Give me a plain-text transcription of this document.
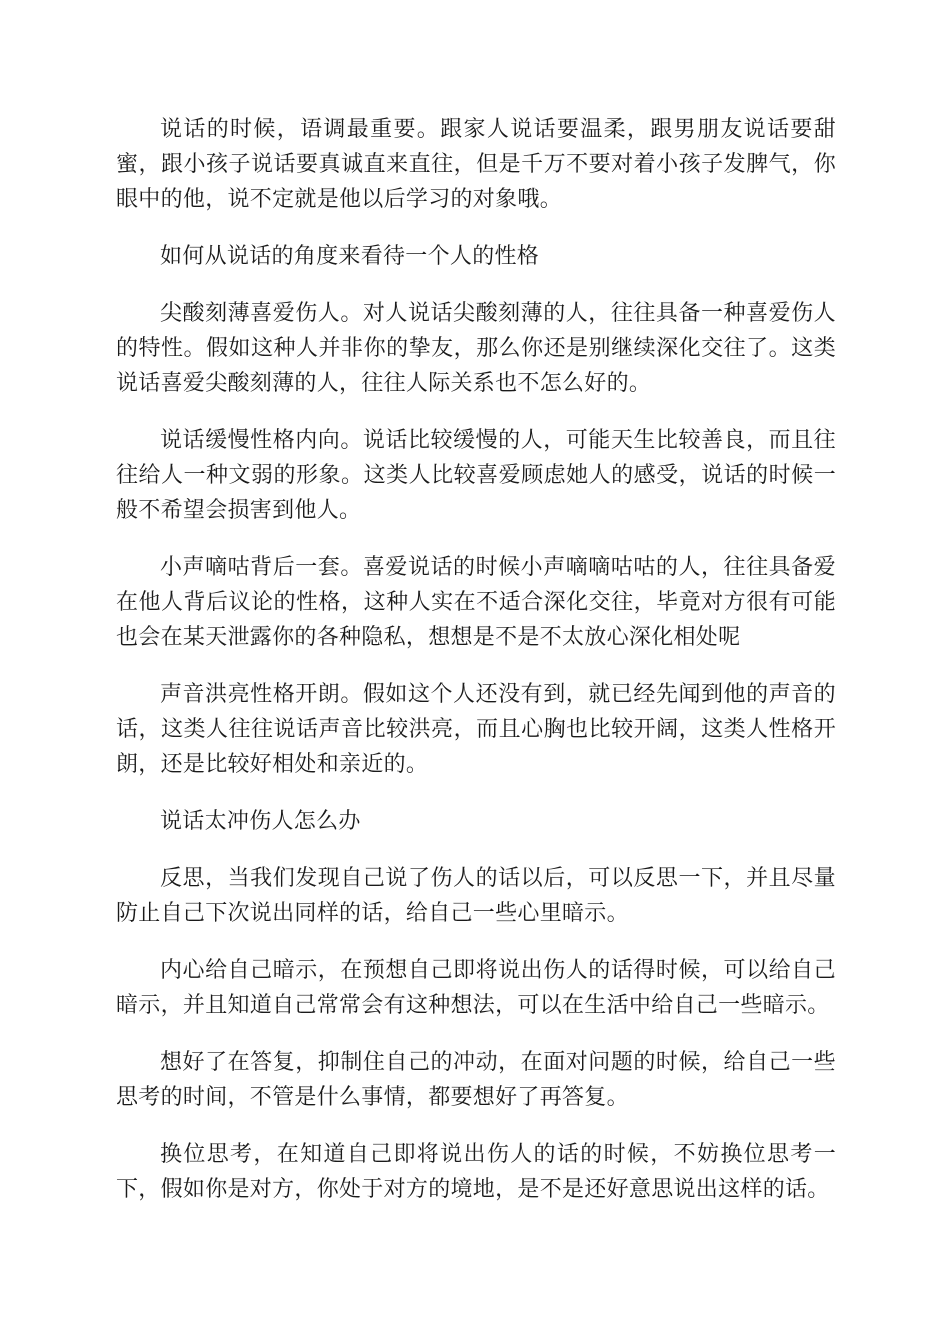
说话的时候，语调最重要。跟家人说话要温柔，跟男朋友说话要甜蜜，跟小孩子说话要真诚直来直往，但是千万不要对着小孩子发脾气，你眼中的他，说不定就是他以后学习的对象哦。

如何从说话的角度来看待一个人的性格

尖酸刻薄喜爱伤人。对人说话尖酸刻薄的人，往往具备一种喜爱伤人的特性。假如这种人并非你的挚友，那么你还是别继续深化交往了。这类说话喜爱尖酸刻薄的人，往往人际关系也不怎么好的。

说话缓慢性格内向。说话比较缓慢的人，可能天生比较善良，而且往往给人一种文弱的形象。这类人比较喜爱顾虑她人的感受，说话的时候一般不希望会损害到他人。

小声嘀咕背后一套。喜爱说话的时候小声嘀嘀咕咕的人，往往具备爱在他人背后议论的性格，这种人实在不适合深化交往，毕竟对方很有可能也会在某天泄露你的各种隐私，想想是不是不太放心深化相处呢

声音洪亮性格开朗。假如这个人还没有到，就已经先闻到他的声音的话，这类人往往说话声音比较洪亮，而且心胸也比较开阔，这类人性格开朗，还是比较好相处和亲近的。

说话太冲伤人怎么办

反思，当我们发现自己说了伤人的话以后，可以反思一下，并且尽量防止自己下次说出同样的话，给自己一些心里暗示。

内心给自己暗示，在预想自己即将说出伤人的话得时候，可以给自己暗示，并且知道自己常常会有这种想法，可以在生活中给自己一些暗示。

想好了在答复，抑制住自己的冲动，在面对问题的时候，给自己一些思考的时间，不管是什么事情，都要想好了再答复。

换位思考，在知道自己即将说出伤人的话的时候，不妨换位思考一下，假如你是对方，你处于对方的境地，是不是还好意思说出这样的话。
